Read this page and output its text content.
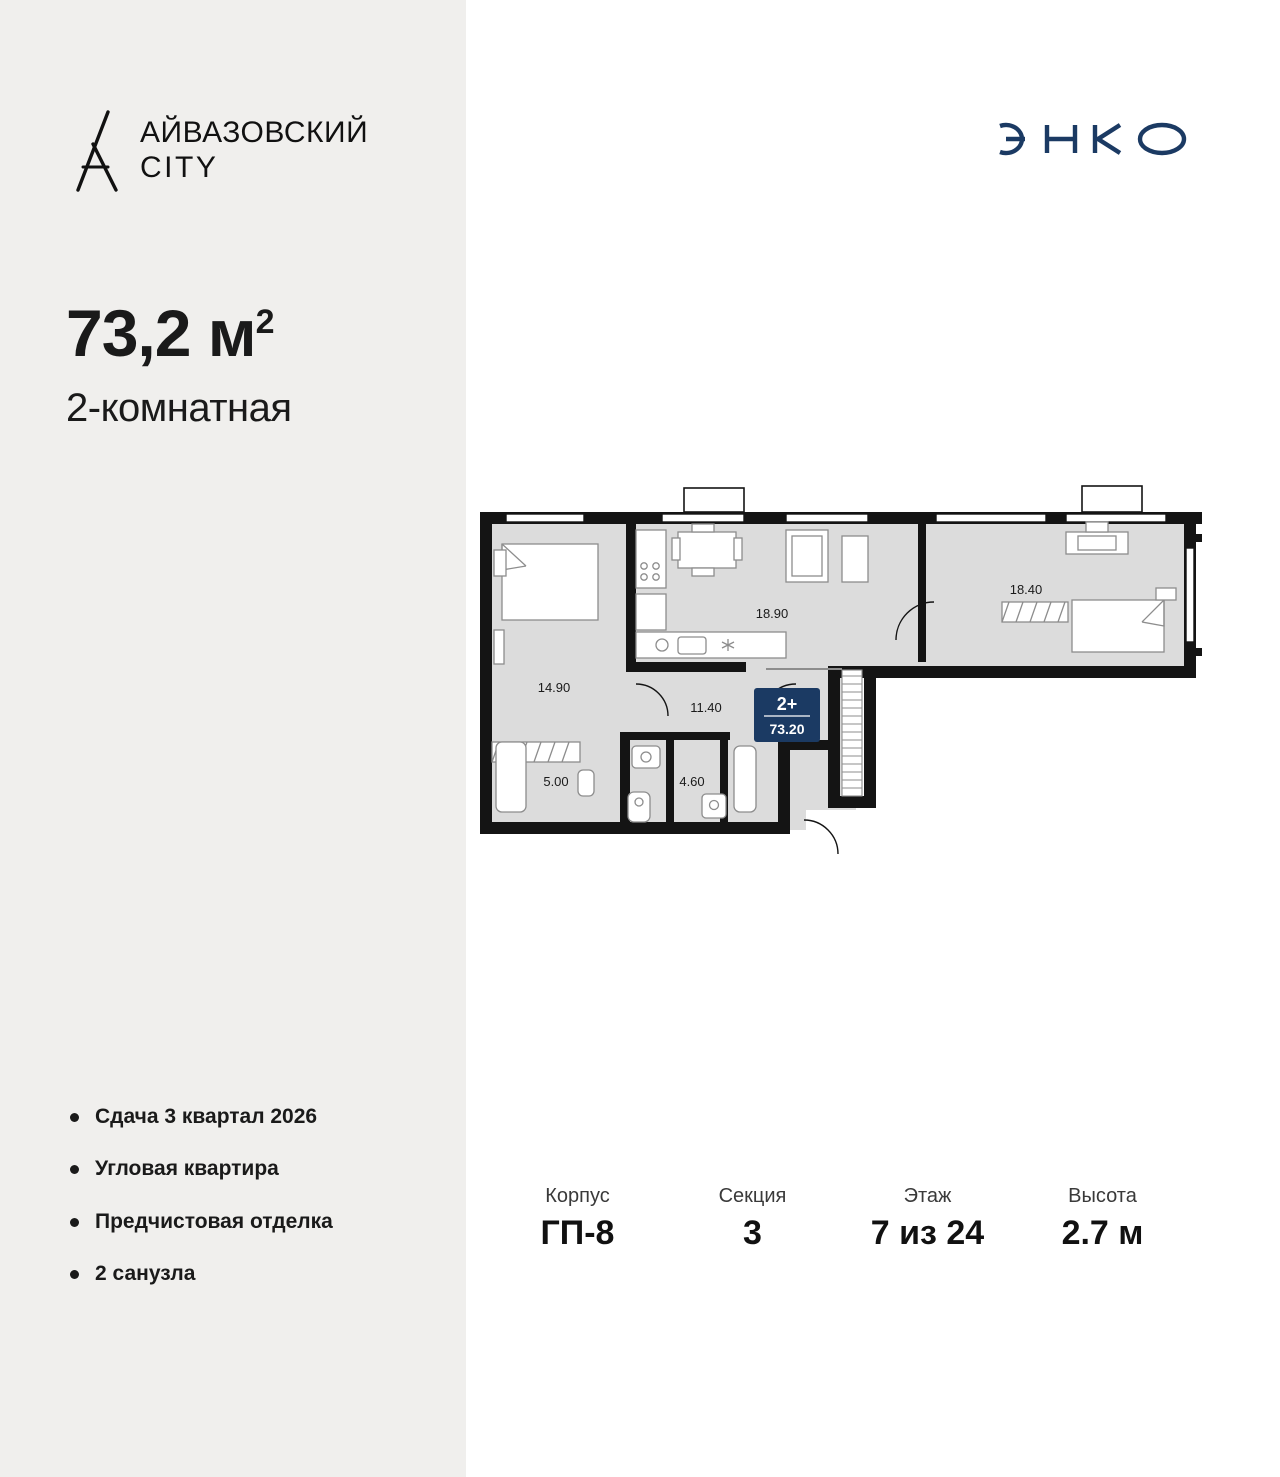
АЙВАЗОВСКИЙ
CITY
73,2 $м^2$
2-комнатная
Сдача 3 квартал 2026
Угловая квартира
Предчистовая отделка
2 санузла
2+
73.20
14.90
18.90
18.40
11.40
5.00	4.60
Корпус
ГП-8
Секция
3
Этаж
7 из 24
Высота
2.7 м
